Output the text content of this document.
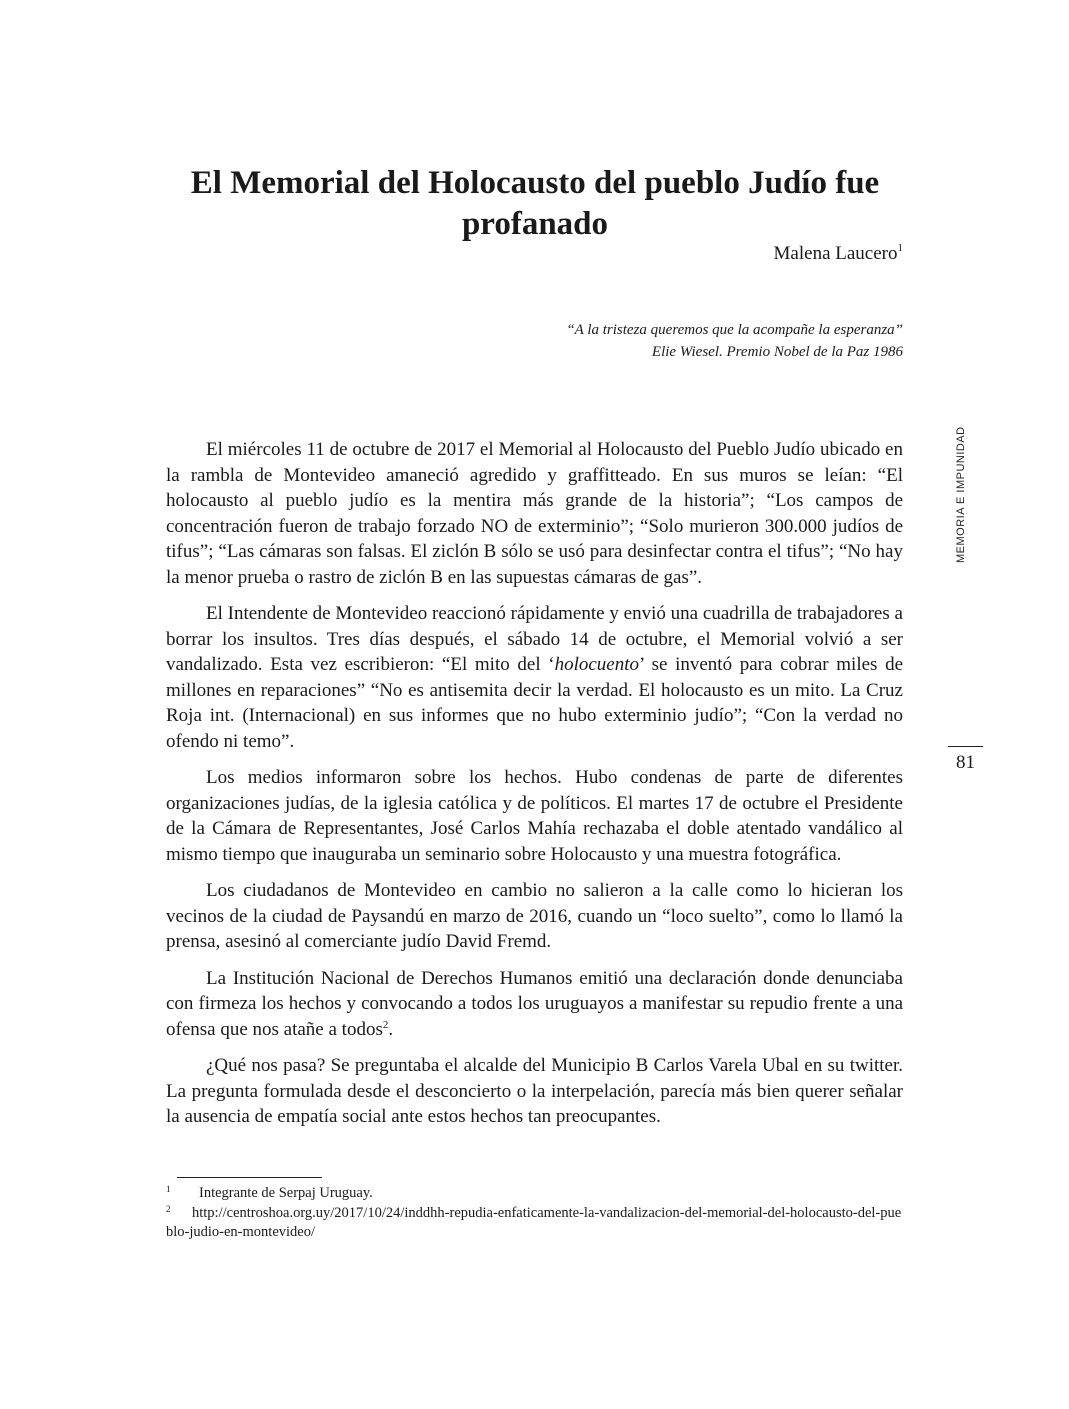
El Memorial del Holocausto del pueblo Judío fue profanado
Malena Laucero$^1$
“A la tristeza queremos que la acompañe la esperanza”
Elie Wiesel. Premio Nobel de la Paz 1986
MEMORIA E IMPUNIDAD
81

El miércoles 11 de octubre de 2017 el Memorial al Holocausto del Pueblo Judío ubicado en la rambla de Montevideo amaneció agredido y graffitteado. En sus muros se leían: “El holocausto al pueblo judío es la mentira más grande de la historia”; “Los campos de concentración fueron de trabajo forzado NO de exterminio”; “Solo murieron 300.000 judíos de tifus”; “Las cámaras son falsas. El ziclón B sólo se usó para desinfectar contra el tifus”; “No hay la menor prueba o rastro de ziclón B en las supuestas cámaras de gas”.

El Intendente de Montevideo reaccionó rápidamente y envió una cuadrilla de trabajadores a borrar los insultos. Tres días después, el sábado 14 de octubre, el Memorial volvió a ser vandalizado. Esta vez escribieron: “El mito del ‘holocuento’ se inventó para cobrar miles de millones en reparaciones” “No es antisemita decir la verdad. El holocausto es un mito. La Cruz Roja int. (Internacional) en sus informes que no hubo exterminio judío”; “Con la verdad no ofendo ni temo”.

Los medios informaron sobre los hechos. Hubo condenas de parte de diferentes organizaciones judías, de la iglesia católica y de políticos. El martes 17 de octubre el Presidente de la Cámara de Representantes, José Carlos Mahía rechazaba el doble atentado vandálico al mismo tiempo que inauguraba un seminario sobre Holocausto y una muestra fotográfica.

Los ciudadanos de Montevideo en cambio no salieron a la calle como lo hicieran los vecinos de la ciudad de Paysandú en marzo de 2016, cuando un “loco suelto”, como lo llamó la prensa, asesinó al comerciante judío David Fremd.

La Institución Nacional de Derechos Humanos emitió una declaración donde denunciaba con firmeza los hechos y convocando a todos los uruguayos a manifestar su repudio frente a una ofensa que nos atañe a todos$^2$.

¿Qué nos pasa? Se preguntaba el alcalde del Municipio B Carlos Varela Ubal en su twitter. La pregunta formulada desde el desconcierto o la interpelación, parecía más bien querer señalar la ausencia de empatía social ante estos hechos tan preocupantes.

1 Integrante de Serpaj Uruguay.
2 http://centroshoa.org.uy/2017/10/24/inddhh-repudia-enfaticamente-la-vandalizacion-del-memorial-del-holocausto-del-pueblo-judio-en-montevideo/
